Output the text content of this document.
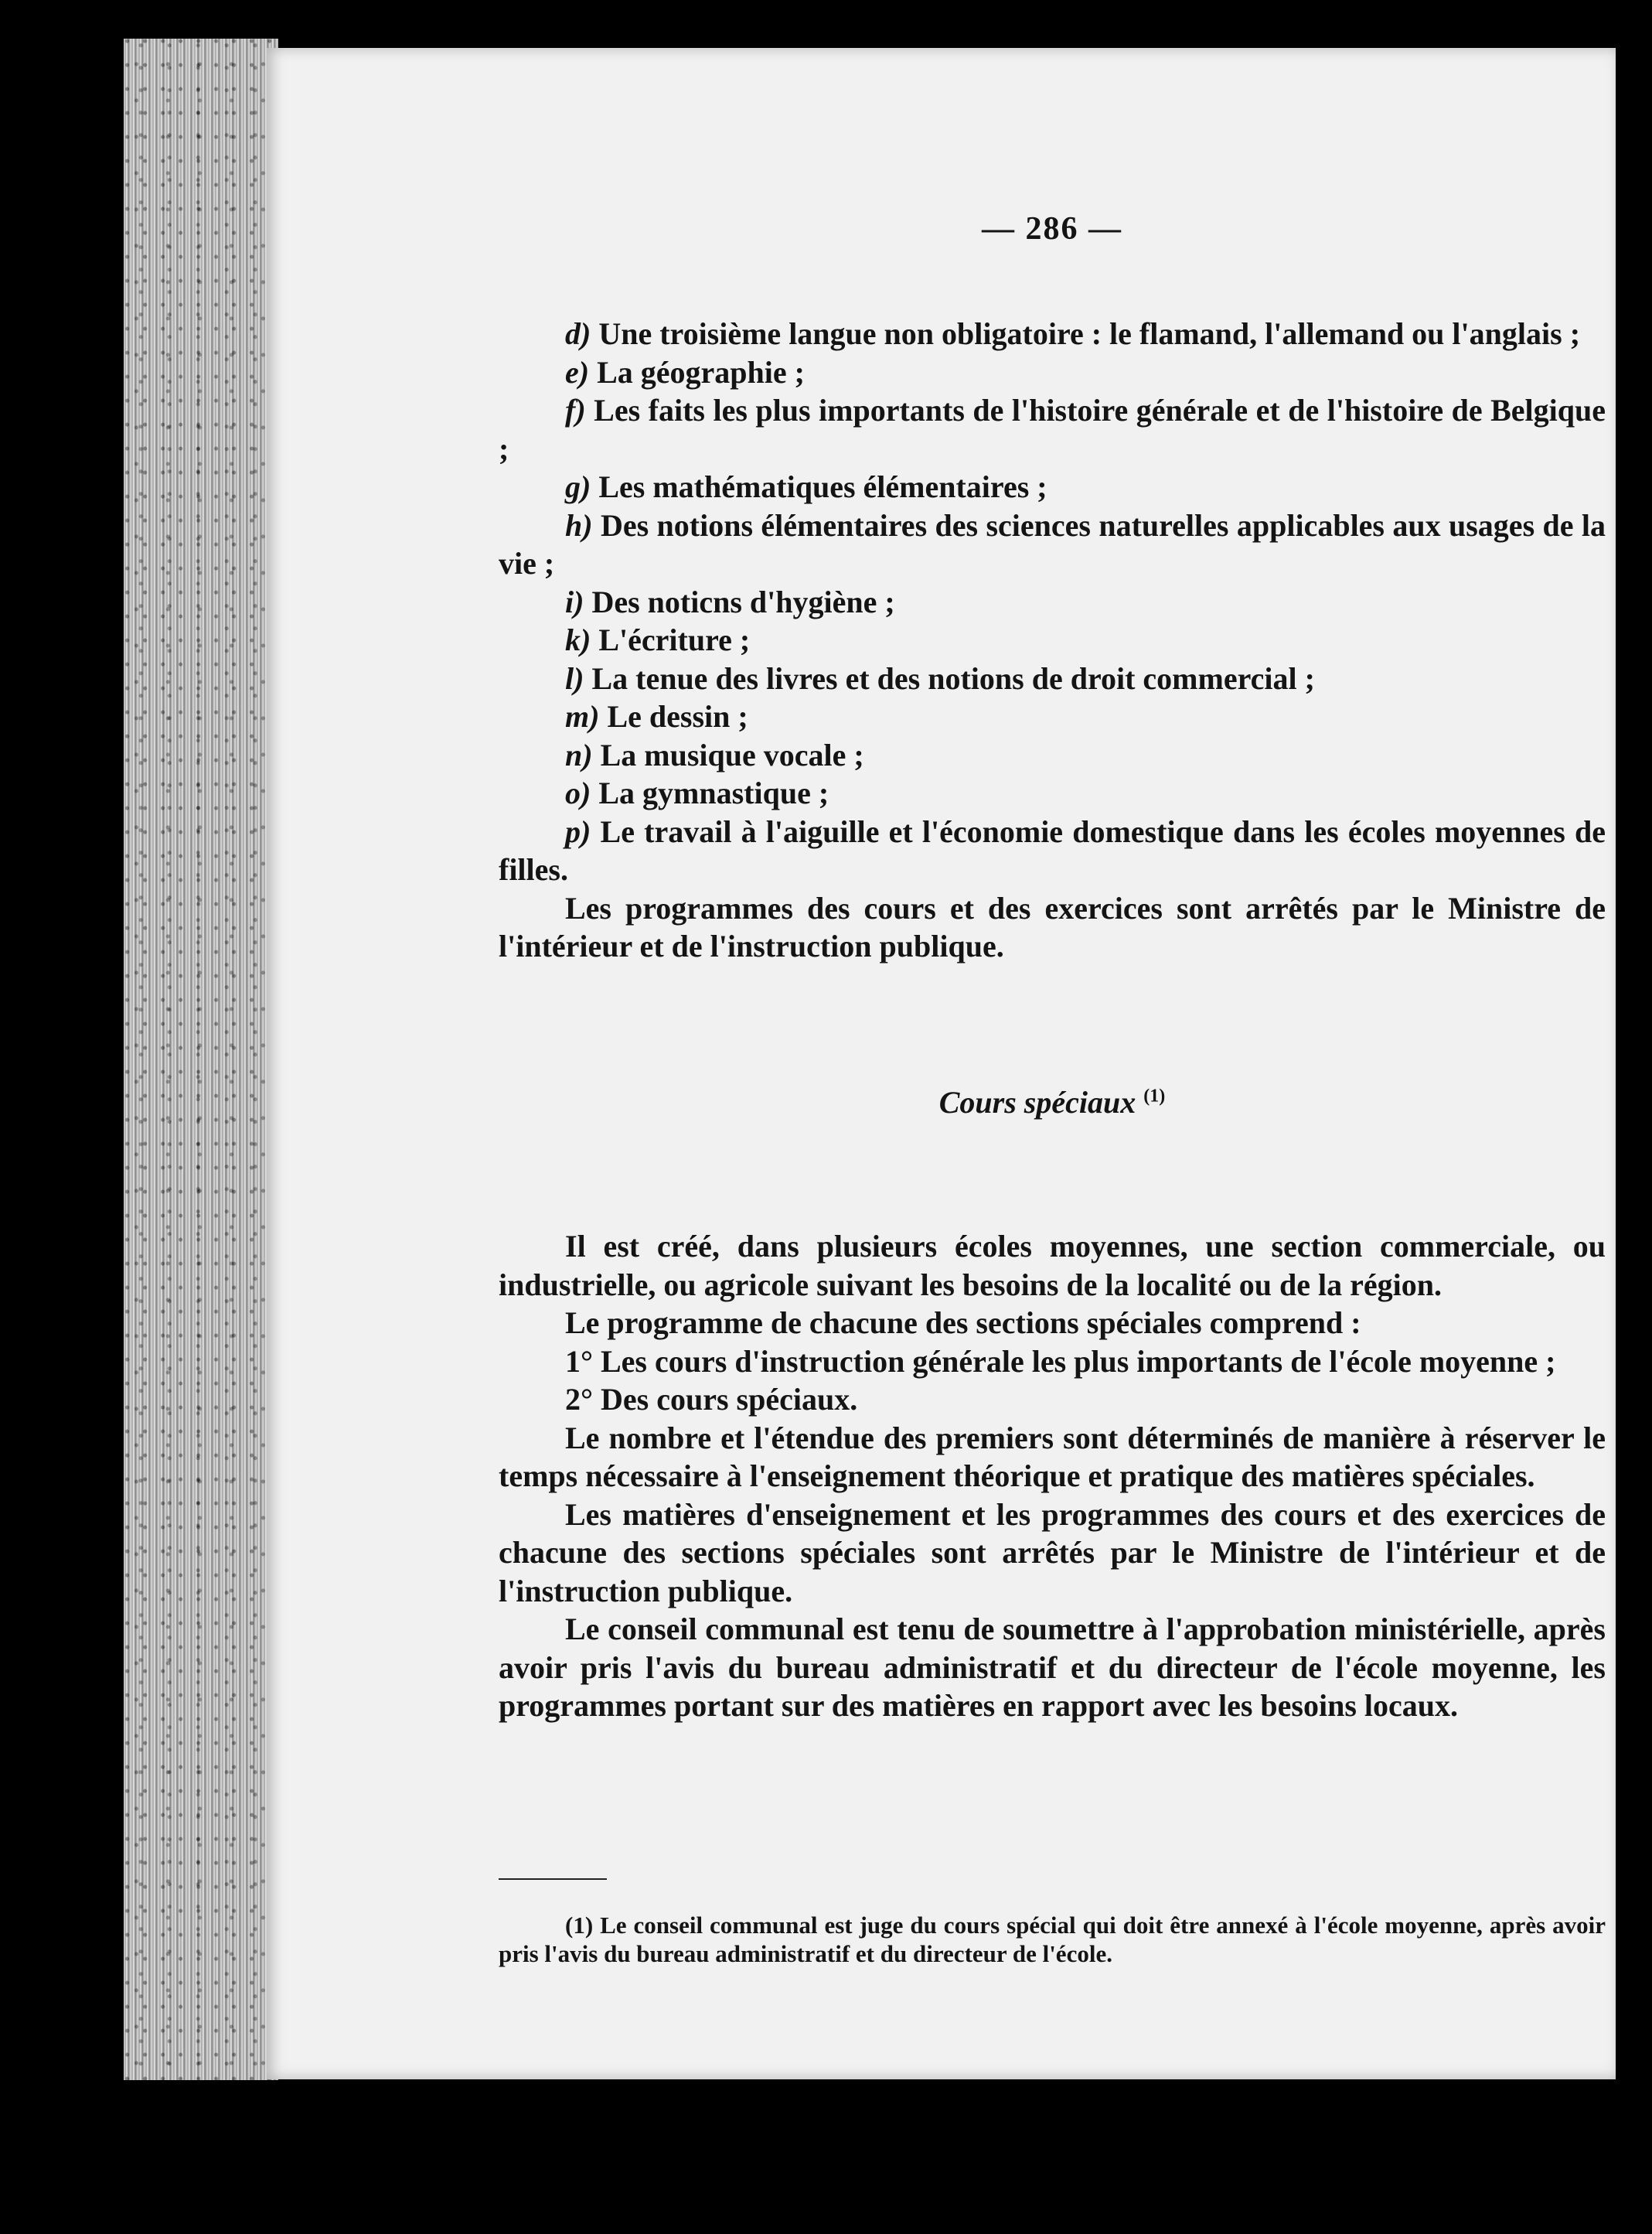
— 286 —

d) Une troisième langue non obligatoire : le flamand, l'allemand ou l'anglais ;

e) La géographie ;

f) Les faits les plus importants de l'histoire générale et de l'histoire de Belgique ;

g) Les mathématiques élémentaires ;

h) Des notions élémentaires des sciences naturelles applicables aux usages de la vie ;

i) Des noticns d'hygiène ;

k) L'écriture ;

l) La tenue des livres et des notions de droit commercial ;

m) Le dessin ;

n) La musique vocale ;

o) La gymnastique ;

p) Le travail à l'aiguille et l'économie domestique dans les écoles moyennes de filles.

Les programmes des cours et des exercices sont arrêtés par le Ministre de l'intérieur et de l'instruction publique.

Cours spéciaux $^{(1)}$

Il est créé, dans plusieurs écoles moyennes, une section commerciale, ou industrielle, ou agricole suivant les besoins de la localité ou de la région.

Le programme de chacune des sections spéciales comprend :

1° Les cours d'instruction générale les plus importants de l'école moyenne ;

2° Des cours spéciaux.

Le nombre et l'étendue des premiers sont déterminés de manière à réserver le temps nécessaire à l'enseignement théorique et pratique des matières spéciales.

Les matières d'enseignement et les programmes des cours et des exercices de chacune des sections spéciales sont arrêtés par le Ministre de l'intérieur et de l'instruction publique.

Le conseil communal est tenu de soumettre à l'approbation ministérielle, après avoir pris l'avis du bureau administratif et du directeur de l'école moyenne, les programmes portant sur des matières en rapport avec les besoins locaux.

(1) Le conseil communal est juge du cours spécial qui doit être annexé à l'école moyenne, après avoir pris l'avis du bureau administratif et du directeur de l'école.
